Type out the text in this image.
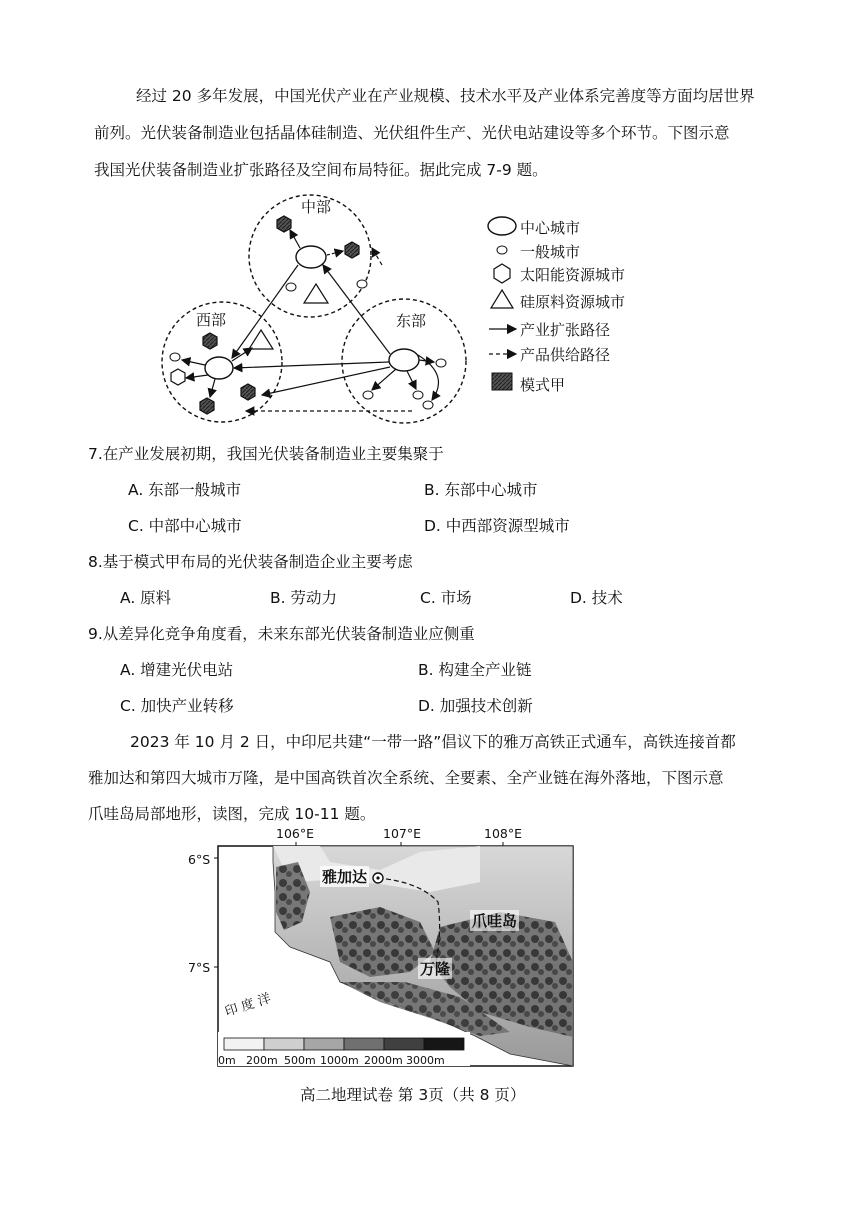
经过 20 多年发展，中国光伏产业在产业规模、技术水平及产业体系完善度等方面均居世界
前列。光伏装备制造业包括晶体硅制造、光伏组件生产、光伏电站建设等多个环节。下图示意
我国光伏装备制造业扩张路径及空间布局特征。据此完成 7-9 题。
中部
西部	东部
中心城市
一般城市
太阳能资源城市
硅原料资源城市
产业扩张路径
产品供给路径
模式甲
7.在产业发展初期，我国光伏装备制造业主要集聚于
A. 东部一般城市	B. 东部中心城市
C. 中部中心城市	D. 中西部资源型城市
8.基于模式甲布局的光伏装备制造企业主要考虑
A. 原料	B. 劳动力	C. 市场	D. 技术
9.从差异化竞争角度看，未来东部光伏装备制造业应侧重
A. 增建光伏电站	B. 构建全产业链
C. 加快产业转移	D. 加强技术创新
2023 年 10 月 2 日，中印尼共建“一带一路”倡议下的雅万高铁正式通车，高铁连接首都
雅加达和第四大城市万隆，是中国高铁首次全系统、全要素、全产业链在海外落地，下图示意
爪哇岛局部地形，读图，完成 10-11 题。
106°E	107°E	108°E
6°S
7°S
雅加达
爪哇岛
万隆
印 度 洋
0m 200m 500m 1000m 2000m 3000m
高二地理试卷 第 3页（共 8 页）
